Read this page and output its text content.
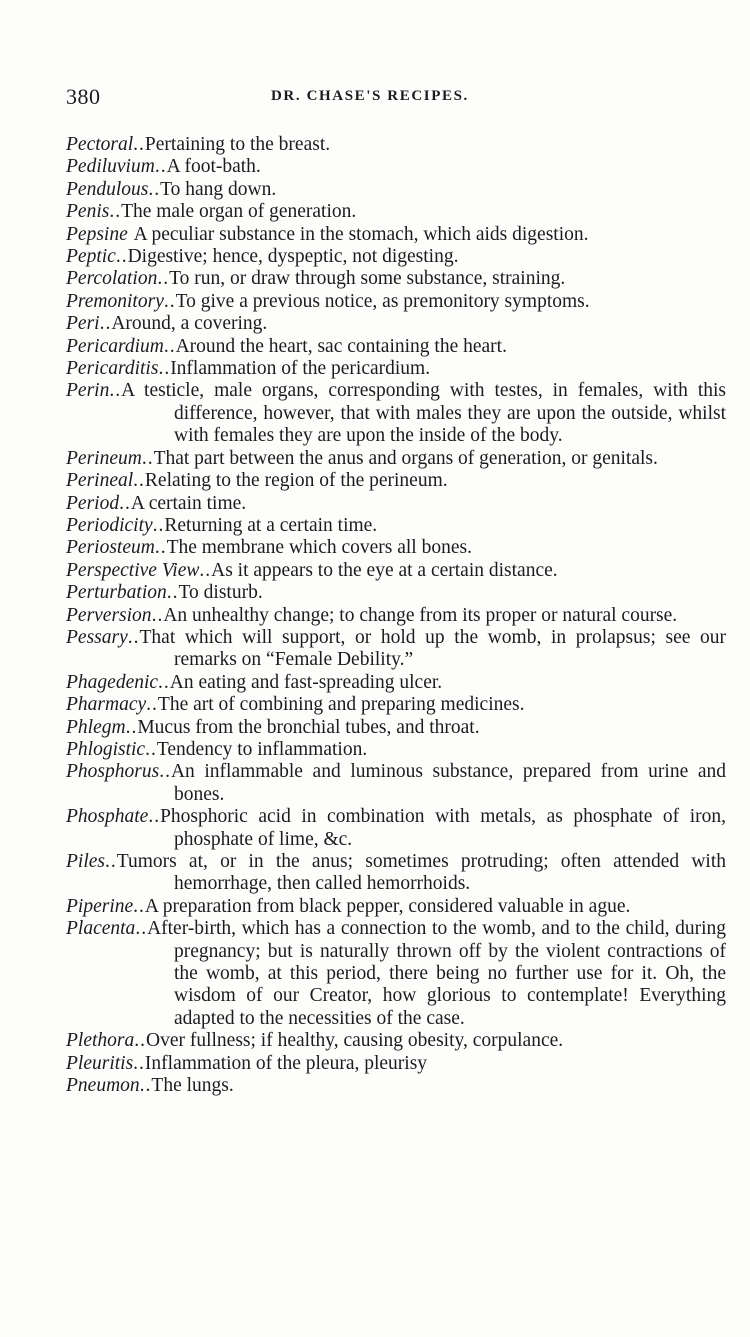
380	DR. CHASE'S RECIPES.

Pectoral..Pertaining to the breast.

Pediluvium..A foot-bath.

Pendulous..To hang down.

Penis..The male organ of generation.

Pepsine A peculiar substance in the stomach, which aids digestion.

Peptic..Digestive; hence, dyspeptic, not digesting.

Percolation..To run, or draw through some substance, straining.

Premonitory..To give a previous notice, as premonitory symptoms.

Peri..Around, a covering.

Pericardium..Around the heart, sac containing the heart.

Pericarditis..Inflammation of the pericardium.

Perin..A testicle, male organs, corresponding with testes, in females, with this difference, however, that with males they are upon the outside, whilst with females they are upon the inside of the body.

Perineum..That part between the anus and organs of generation, or genitals.

Perineal..Relating to the region of the perineum.

Period..A certain time.

Periodicity..Returning at a certain time.

Periosteum..The membrane which covers all bones.

Perspective View..As it appears to the eye at a certain distance.

Perturbation..To disturb.

Perversion..An unhealthy change; to change from its proper or natural course.

Pessary..That which will support, or hold up the womb, in prolapsus; see our remarks on “Female Debility.”

Phagedenic..An eating and fast-spreading ulcer.

Pharmacy..The art of combining and preparing medicines.

Phlegm..Mucus from the bronchial tubes, and throat.

Phlogistic..Tendency to inflammation.

Phosphorus..An inflammable and luminous substance, prepared from urine and bones.

Phosphate..Phosphoric acid in combination with metals, as phosphate of iron, phosphate of lime, &c.

Piles..Tumors at, or in the anus; sometimes protruding; often attended with hemorrhage, then called hemorrhoids.

Piperine..A preparation from black pepper, considered valuable in ague.

Placenta..After-birth, which has a connection to the womb, and to the child, during pregnancy; but is naturally thrown off by the violent contractions of the womb, at this period, there being no further use for it. Oh, the wisdom of our Creator, how glorious to contemplate! Everything adapted to the necessities of the case.

Plethora..Over fullness; if healthy, causing obesity, corpulance.

Pleuritis..Inflammation of the pleura, pleurisy

Pneumon..The lungs.
